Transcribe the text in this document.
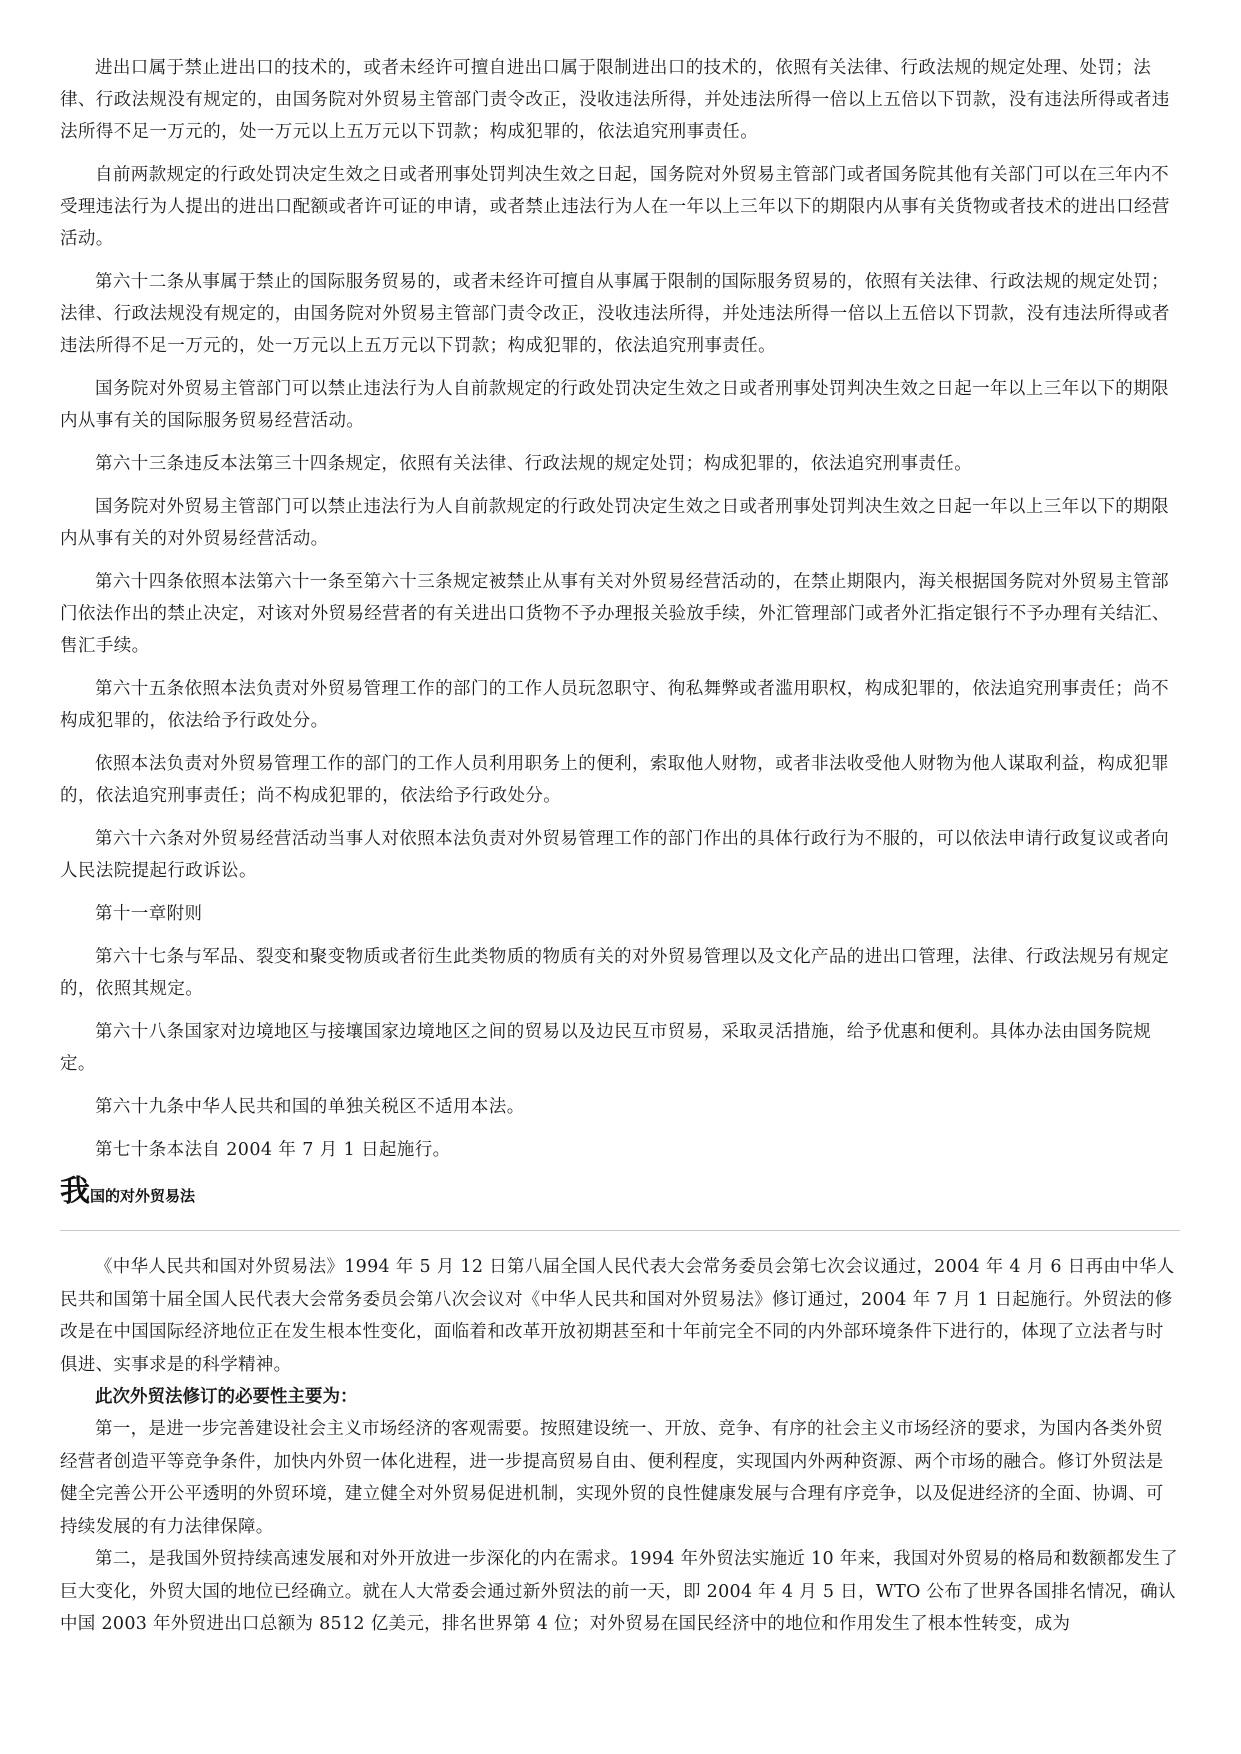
进出口属于禁止进出口的技术的，或者未经许可擅自进出口属于限制进出口的技术的，依照有关法律、行政法规的规定处理、处罚；法律、行政法规没有规定的，由国务院对外贸易主管部门责令改正，没收违法所得，并处违法所得一倍以上五倍以下罚款，没有违法所得或者违法所得不足一万元的，处一万元以上五万元以下罚款；构成犯罪的，依法追究刑事责任。

自前两款规定的行政处罚决定生效之日或者刑事处罚判决生效之日起，国务院对外贸易主管部门或者国务院其他有关部门可以在三年内不受理违法行为人提出的进出口配额或者许可证的申请，或者禁止违法行为人在一年以上三年以下的期限内从事有关货物或者技术的进出口经营活动。

第六十二条从事属于禁止的国际服务贸易的，或者未经许可擅自从事属于限制的国际服务贸易的，依照有关法律、行政法规的规定处罚；法律、行政法规没有规定的，由国务院对外贸易主管部门责令改正，没收违法所得，并处违法所得一倍以上五倍以下罚款，没有违法所得或者违法所得不足一万元的，处一万元以上五万元以下罚款；构成犯罪的，依法追究刑事责任。

国务院对外贸易主管部门可以禁止违法行为人自前款规定的行政处罚决定生效之日或者刑事处罚判决生效之日起一年以上三年以下的期限内从事有关的国际服务贸易经营活动。

第六十三条违反本法第三十四条规定，依照有关法律、行政法规的规定处罚；构成犯罪的，依法追究刑事责任。

国务院对外贸易主管部门可以禁止违法行为人自前款规定的行政处罚决定生效之日或者刑事处罚判决生效之日起一年以上三年以下的期限内从事有关的对外贸易经营活动。

第六十四条依照本法第六十一条至第六十三条规定被禁止从事有关对外贸易经营活动的，在禁止期限内，海关根据国务院对外贸易主管部门依法作出的禁止决定，对该对外贸易经营者的有关进出口货物不予办理报关验放手续，外汇管理部门或者外汇指定银行不予办理有关结汇、售汇手续。

第六十五条依照本法负责对外贸易管理工作的部门的工作人员玩忽职守、徇私舞弊或者滥用职权，构成犯罪的，依法追究刑事责任；尚不构成犯罪的，依法给予行政处分。

依照本法负责对外贸易管理工作的部门的工作人员利用职务上的便利，索取他人财物，或者非法收受他人财物为他人谋取利益，构成犯罪的，依法追究刑事责任；尚不构成犯罪的，依法给予行政处分。

第六十六条对外贸易经营活动当事人对依照本法负责对外贸易管理工作的部门作出的具体行政行为不服的，可以依法申请行政复议或者向人民法院提起行政诉讼。

第十一章附则

第六十七条与军品、裂变和聚变物质或者衍生此类物质的物质有关的对外贸易管理以及文化产品的进出口管理，法律、行政法规另有规定的，依照其规定。

第六十八条国家对边境地区与接壤国家边境地区之间的贸易以及边民互市贸易，采取灵活措施，给予优惠和便利。具体办法由国务院规定。

第六十九条中华人民共和国的单独关税区不适用本法。

第七十条本法自 2004 年 7 月 1 日起施行。

我国的对外贸易法

《中华人民共和国对外贸易法》1994 年 5 月 12 日第八届全国人民代表大会常务委员会第七次会议通过，2004 年 4 月 6 日再由中华人民共和国第十届全国人民代表大会常务委员会第八次会议对《中华人民共和国对外贸易法》修订通过，2004 年 7 月 1 日起施行。外贸法的修改是在中国国际经济地位正在发生根本性变化，面临着和改革开放初期甚至和十年前完全不同的内外部环境条件下进行的，体现了立法者与时俱进、实事求是的科学精神。

此次外贸法修订的必要性主要为：

第一，是进一步完善建设社会主义市场经济的客观需要。按照建设统一、开放、竞争、有序的社会主义市场经济的要求，为国内各类外贸经营者创造平等竞争条件，加快内外贸一体化进程，进一步提高贸易自由、便利程度，实现国内外两种资源、两个市场的融合。修订外贸法是健全完善公开公平透明的外贸环境，建立健全对外贸易促进机制，实现外贸的良性健康发展与合理有序竞争，以及促进经济的全面、协调、可持续发展的有力法律保障。

第二，是我国外贸持续高速发展和对外开放进一步深化的内在需求。1994 年外贸法实施近 10 年来，我国对外贸易的格局和数额都发生了巨大变化，外贸大国的地位已经确立。就在人大常委会通过新外贸法的前一天，即 2004 年 4 月 5 日，WTO 公布了世界各国排名情况，确认中国 2003 年外贸进出口总额为 8512 亿美元，排名世界第 4 位；对外贸易在国民经济中的地位和作用发生了根本性转变，成为
